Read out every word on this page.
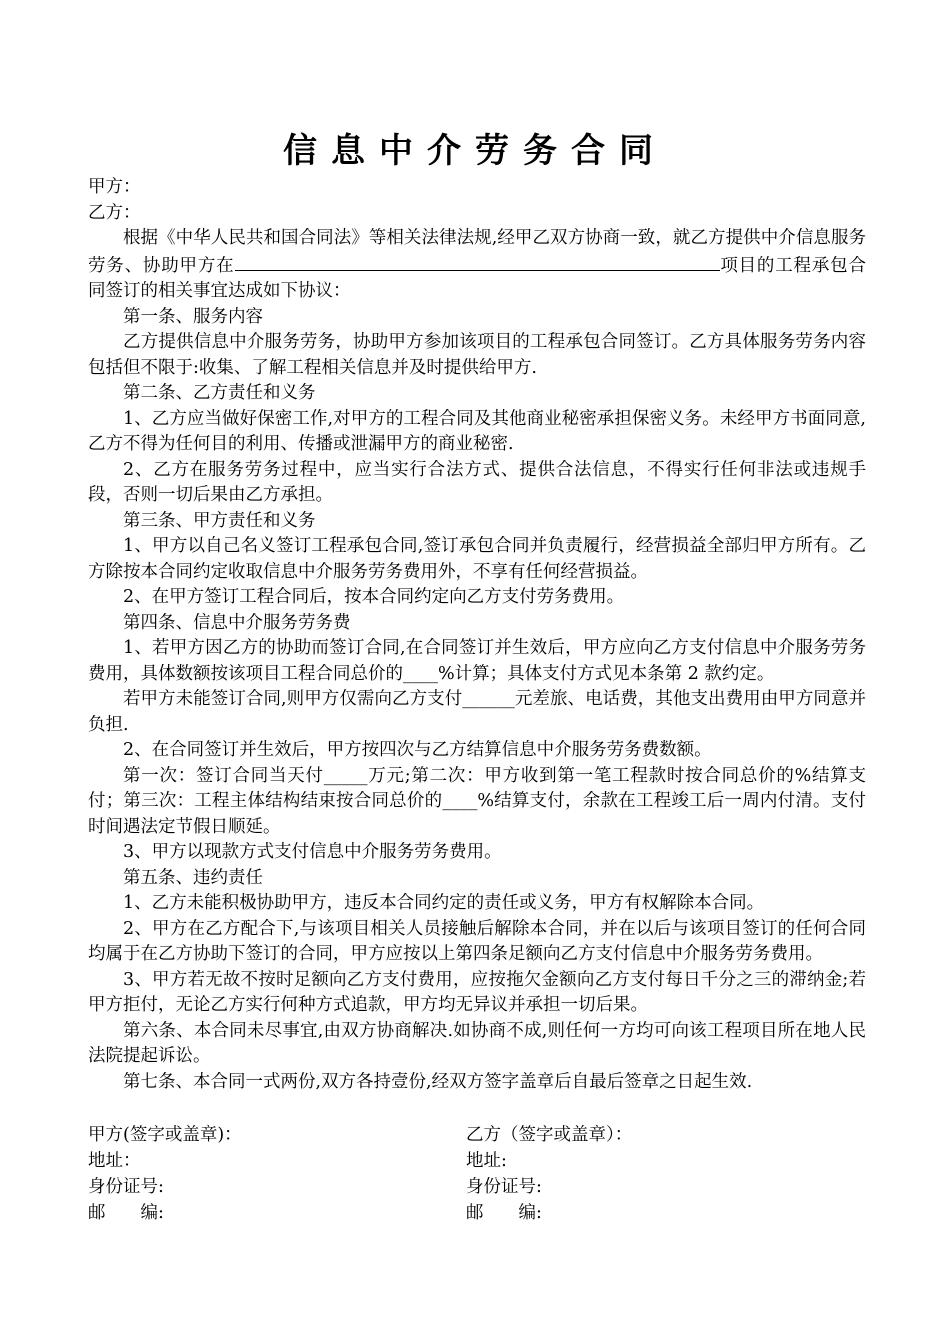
信息中介劳务合同

甲方：

乙方：

根据《中华人民共和国合同法》等相关法律法规,经甲乙双方协商一致，就乙方提供中介信息服务劳务、协助甲方在	项目的工程承包合同签订的相关事宜达成如下协议：

第一条、服务内容

乙方提供信息中介服务劳务，协助甲方参加该项目的工程承包合同签订。乙方具体服务劳务内容包括但不限于:收集、了解工程相关信息并及时提供给甲方.

第二条、乙方责任和义务

1、乙方应当做好保密工作,对甲方的工程合同及其他商业秘密承担保密义务。未经甲方书面同意,乙方不得为任何目的利用、传播或泄漏甲方的商业秘密.

2、乙方在服务劳务过程中，应当实行合法方式、提供合法信息，不得实行任何非法或违规手段，否则一切后果由乙方承担。

第三条、甲方责任和义务

1、甲方以自己名义签订工程承包合同,签订承包合同并负责履行，经营损益全部归甲方所有。乙方除按本合同约定收取信息中介服务劳务费用外，不享有任何经营损益。

2、在甲方签订工程合同后，按本合同约定向乙方支付劳务费用。

第四条、信息中介服务劳务费

1、若甲方因乙方的协助而签订合同,在合同签订并生效后，甲方应向乙方支付信息中介服务劳务费用，具体数额按该项目工程合同总价的____%计算；具体支付方式见本条第 2 款约定。

若甲方未能签订合同,则甲方仅需向乙方支付______元差旅、电话费，其他支出费用由甲方同意并负担.

2、在合同签订并生效后，甲方按四次与乙方结算信息中介服务劳务费数额。

第一次：签订合同当天付_____万元;第二次：甲方收到第一笔工程款时按合同总价的%结算支付；第三次：工程主体结构结束按合同总价的____%结算支付，余款在工程竣工后一周内付清。支付时间遇法定节假日顺延。

3、甲方以现款方式支付信息中介服务劳务费用。

第五条、违约责任

1、乙方未能积极协助甲方，违反本合同约定的责任或义务，甲方有权解除本合同。

2、甲方在乙方配合下,与该项目相关人员接触后解除本合同，并在以后与该项目签订的任何合同均属于在乙方协助下签订的合同，甲方应按以上第四条足额向乙方支付信息中介服务劳务费用。

3、甲方若无故不按时足额向乙方支付费用，应按拖欠金额向乙方支付每日千分之三的滞纳金;若甲方拒付，无论乙方实行何种方式追款，甲方均无异议并承担一切后果。

第六条、本合同未尽事宜,由双方协商解决.如协商不成,则任何一方均可向该工程项目所在地人民法院提起诉讼。

第七条、本合同一式两份,双方各持壹份,经双方签字盖章后自最后签章之日起生效.

甲方(签字或盖章)：	乙方（签字或盖章）：
地址：	地址:
身份证号:	身份证号:
邮 编:	邮 编:
